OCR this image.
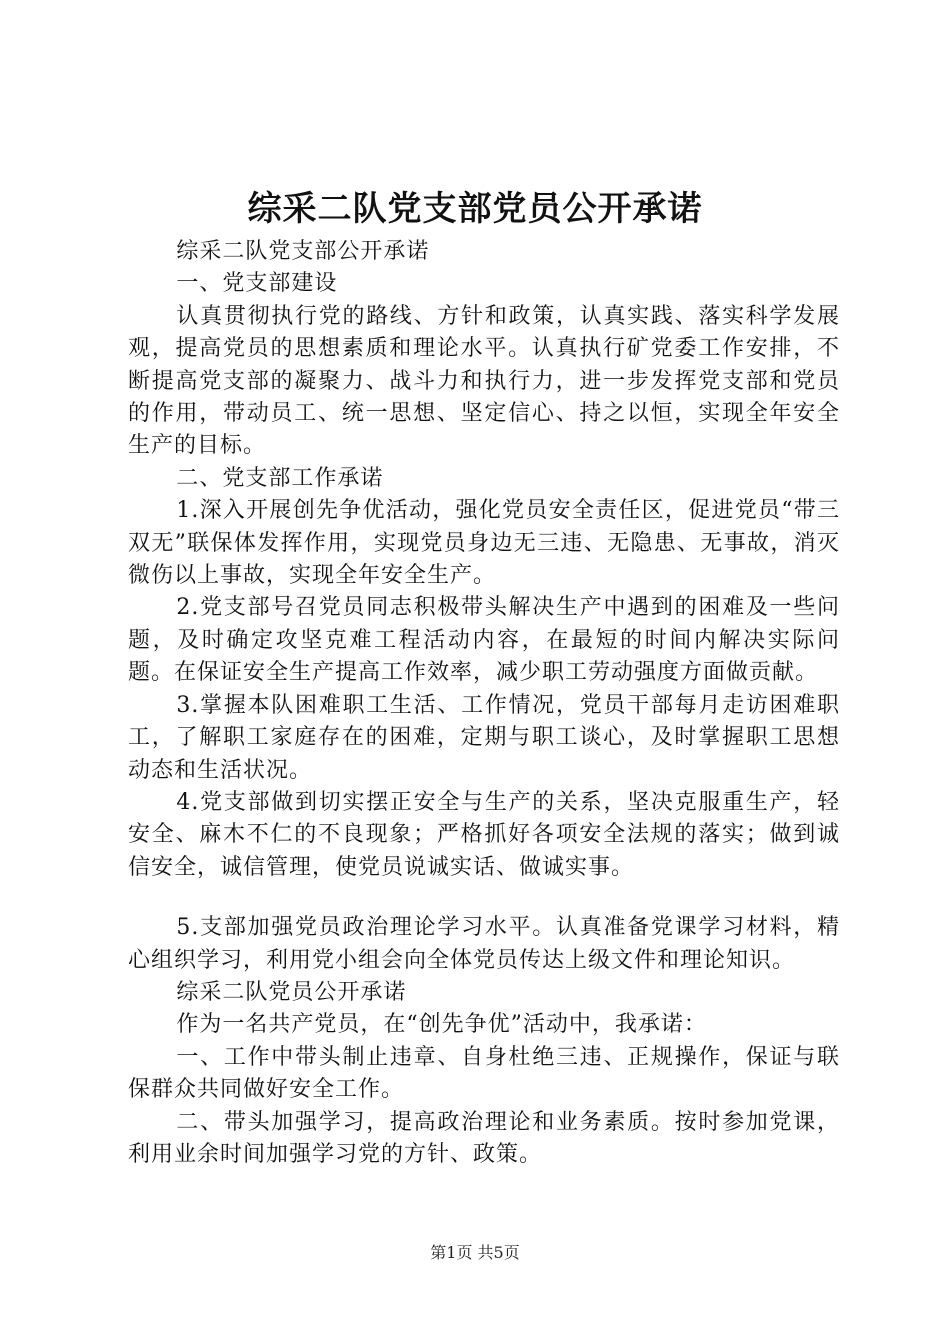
综采二队党支部党员公开承诺

综采二队党支部公开承诺

一、党支部建设

认真贯彻执行党的路线、方针和政策，认真实践、落实科学发展观，提高党员的思想素质和理论水平。认真执行矿党委工作安排，不断提高党支部的凝聚力、战斗力和执行力，进一步发挥党支部和党员的作用，带动员工、统一思想、坚定信心、持之以恒，实现全年安全生产的目标。

二、党支部工作承诺

1.深入开展创先争优活动，强化党员安全责任区，促进党员“带三双无”联保体发挥作用，实现党员身边无三违、无隐患、无事故，消灭微伤以上事故，实现全年安全生产。

2.党支部号召党员同志积极带头解决生产中遇到的困难及一些问题，及时确定攻坚克难工程活动内容，在最短的时间内解决实际问题。在保证安全生产提高工作效率，减少职工劳动强度方面做贡献。

3.掌握本队困难职工生活、工作情况，党员干部每月走访困难职工，了解职工家庭存在的困难，定期与职工谈心，及时掌握职工思想动态和生活状况。

4.党支部做到切实摆正安全与生产的关系，坚决克服重生产，轻安全、麻木不仁的不良现象；严格抓好各项安全法规的落实；做到诚信安全，诚信管理，使党员说诚实话、做诚实事。

5.支部加强党员政治理论学习水平。认真准备党课学习材料，精心组织学习，利用党小组会向全体党员传达上级文件和理论知识。

综采二队党员公开承诺

作为一名共产党员，在“创先争优”活动中，我承诺：

一、工作中带头制止违章、自身杜绝三违、正规操作，保证与联保群众共同做好安全工作。

二、带头加强学习，提高政治理论和业务素质。按时参加党课，利用业余时间加强学习党的方针、政策。

第1页 共5页
